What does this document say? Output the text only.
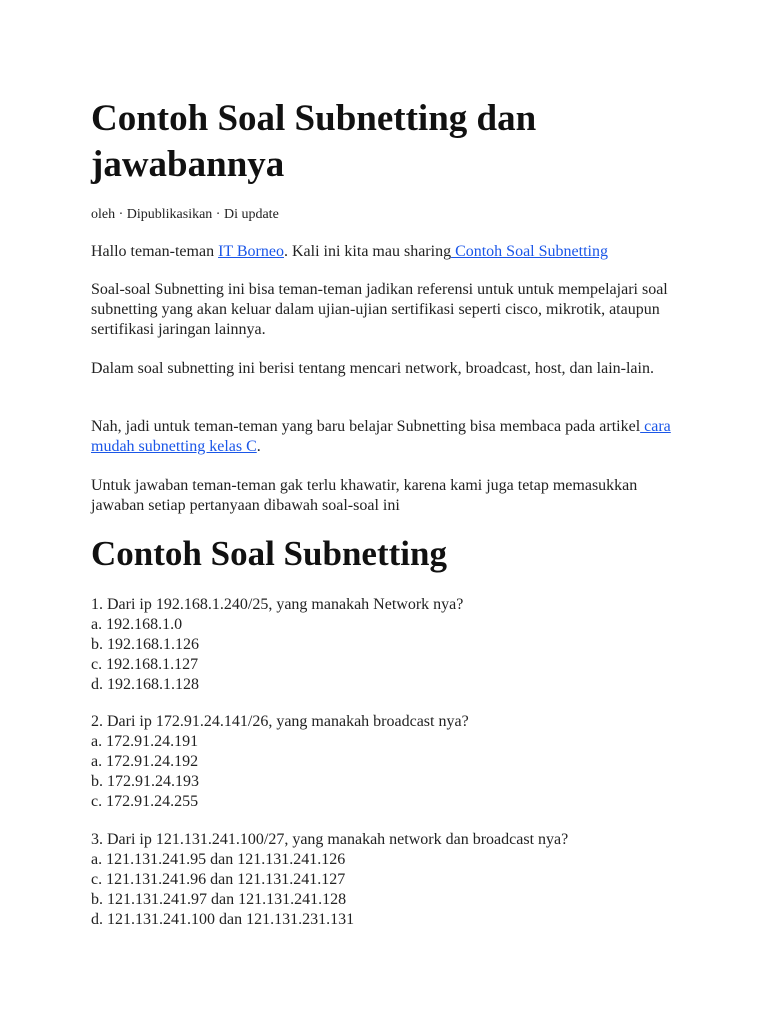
Contoh Soal Subnetting dan jawabannya
oleh · Dipublikasikan · Di update

Hallo teman-teman IT Borneo. Kali ini kita mau sharing Contoh Soal Subnetting

Soal-soal Subnetting ini bisa teman-teman jadikan referensi untuk untuk mempelajari soal subnetting yang akan keluar dalam ujian-ujian sertifikasi seperti cisco, mikrotik, ataupun sertifikasi jaringan lainnya.

Dalam soal subnetting ini berisi tentang mencari network, broadcast, host, dan lain-lain.

Nah, jadi untuk teman-teman yang baru belajar Subnetting bisa membaca pada artikel cara mudah subnetting kelas C.

Untuk jawaban teman-teman gak terlu khawatir, karena kami juga tetap memasukkan jawaban setiap pertanyaan dibawah soal-soal ini

Contoh Soal Subnetting
1. Dari ip 192.168.1.240/25, yang manakah Network nya?
a. 192.168.1.0
b. 192.168.1.126
c. 192.168.1.127
d. 192.168.1.128
2. Dari ip 172.91.24.141/26, yang manakah broadcast nya?
a. 172.91.24.191
a. 172.91.24.192
b. 172.91.24.193
c. 172.91.24.255
3. Dari ip 121.131.241.100/27, yang manakah network dan broadcast nya?
a. 121.131.241.95 dan 121.131.241.126
c. 121.131.241.96 dan 121.131.241.127
b. 121.131.241.97 dan 121.131.241.128
d. 121.131.241.100 dan 121.131.231.131
